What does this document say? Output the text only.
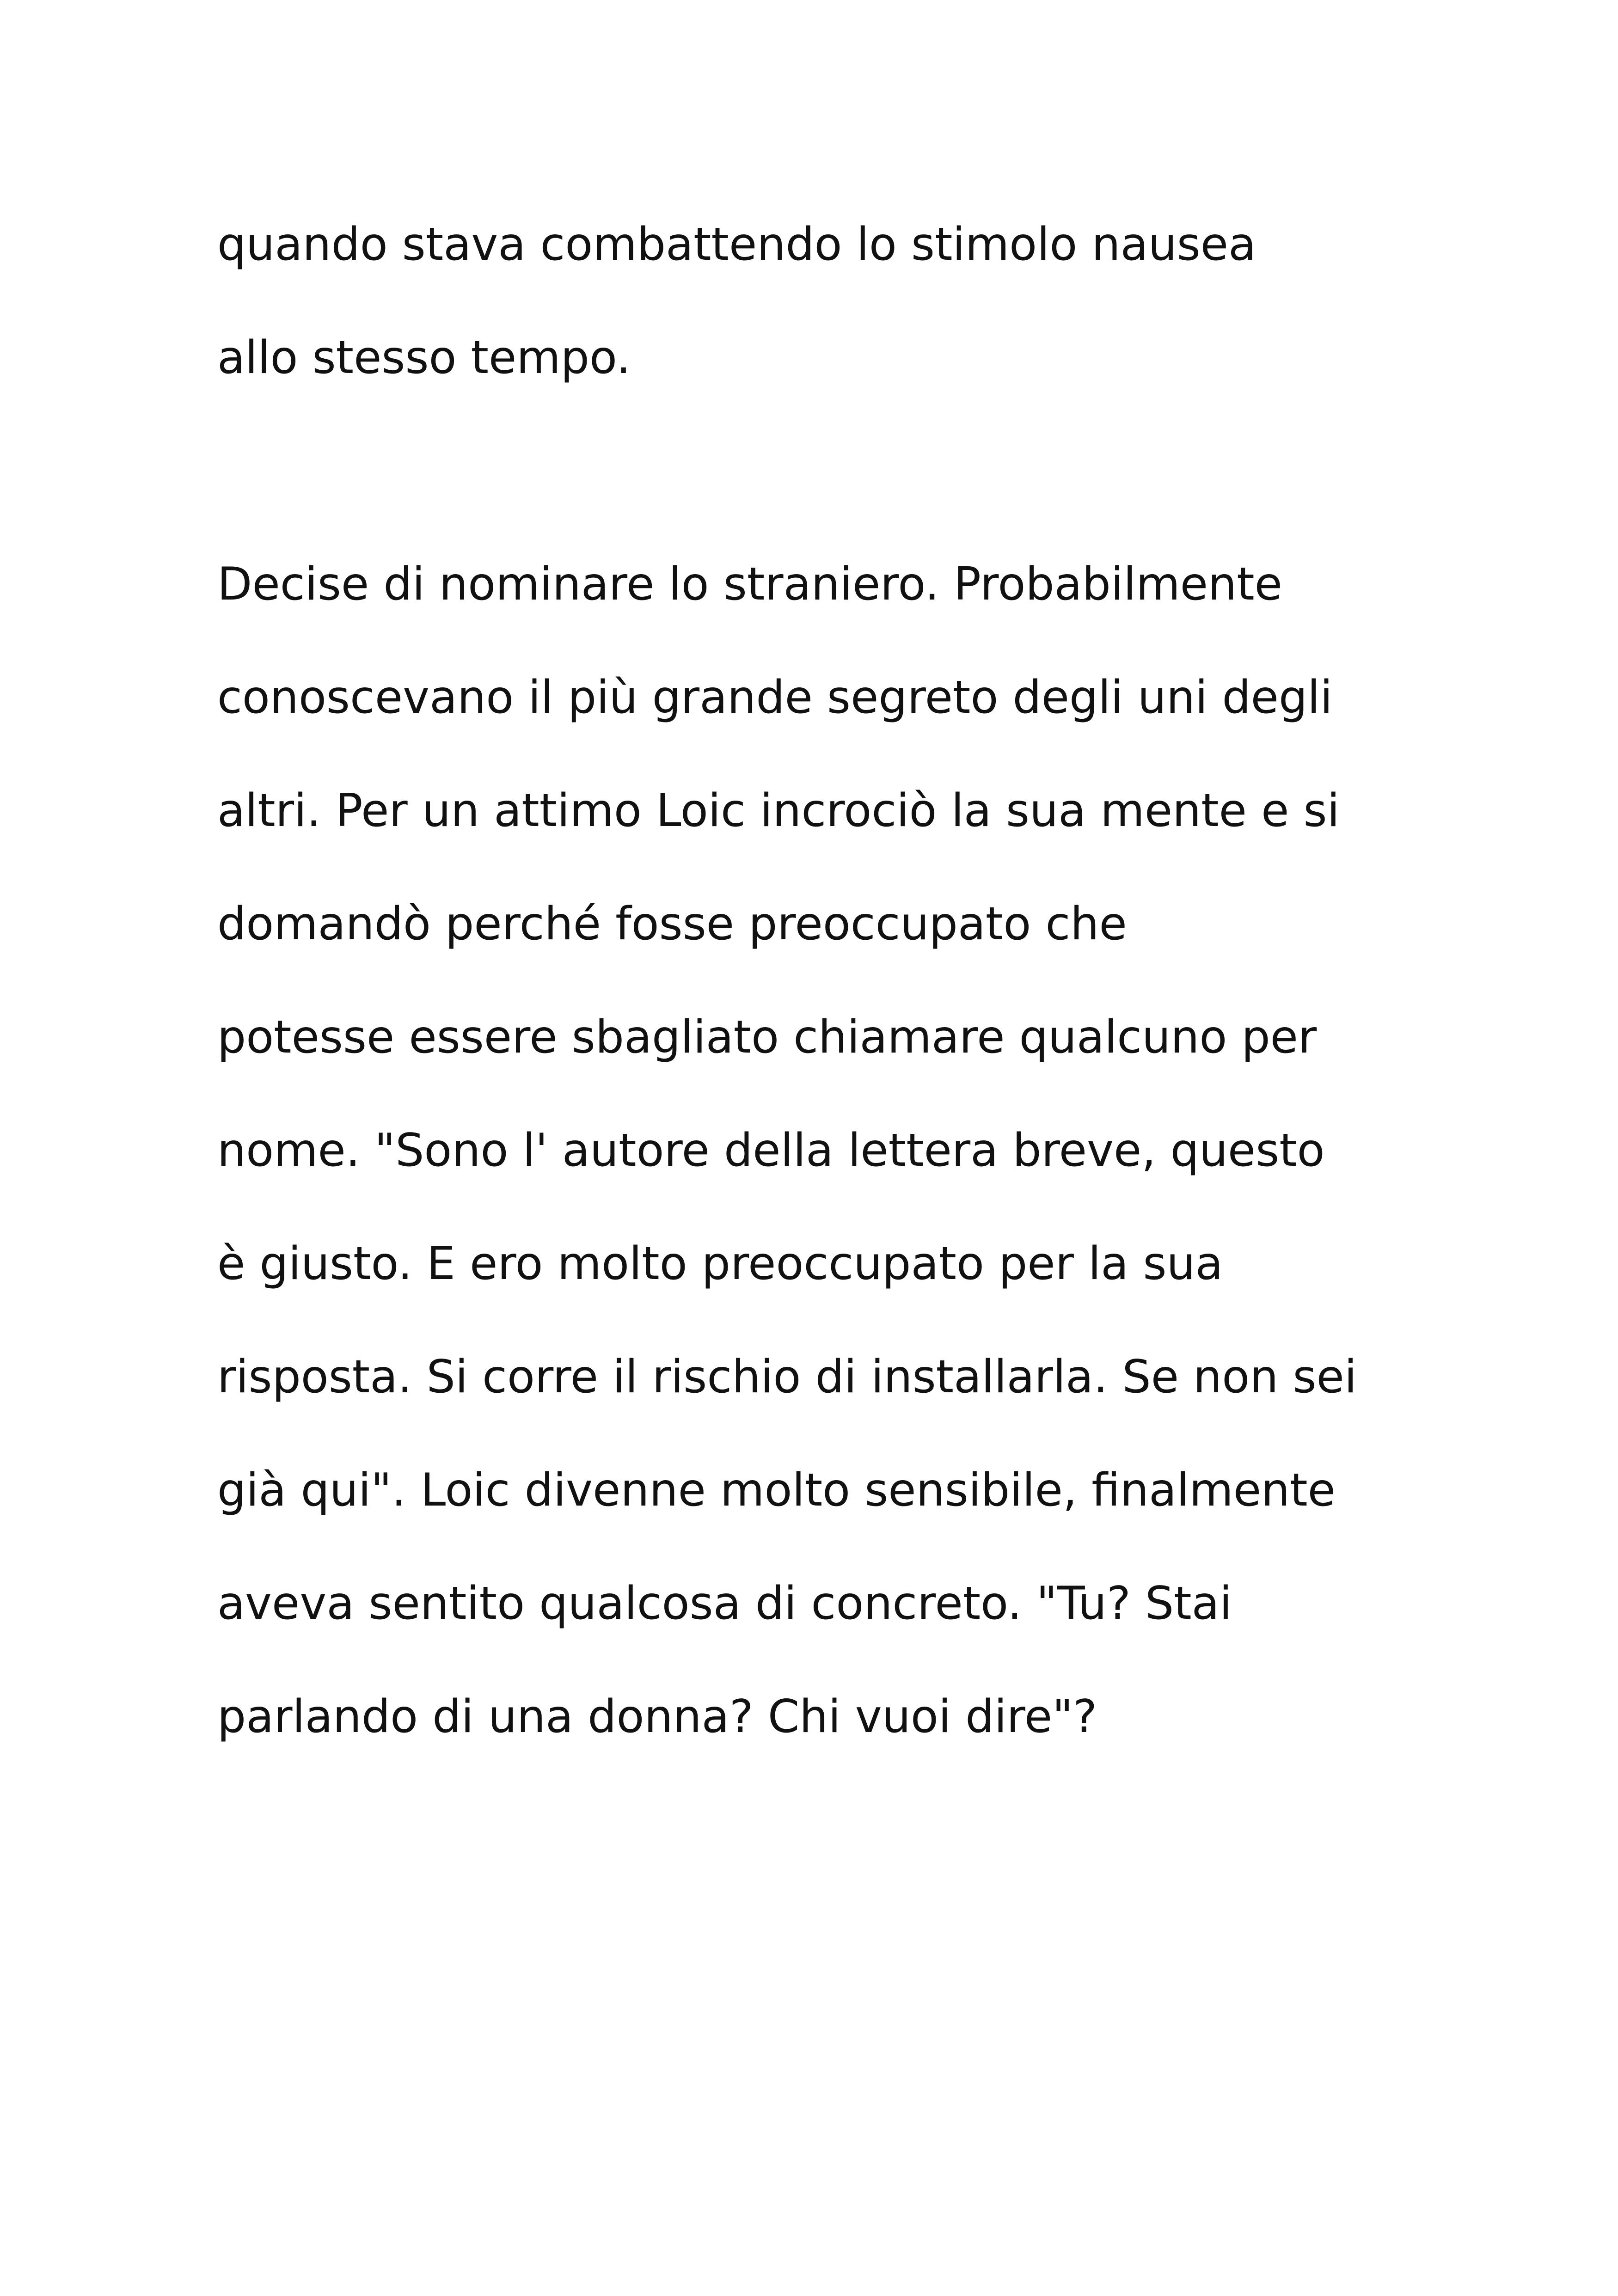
quando stava combattendo lo stimolo nausea

allo stesso tempo.

Decise di nominare lo straniero. Probabilmente

conoscevano il più grande segreto degli uni degli

altri. Per un attimo Loic incrociò la sua mente e si

domandò perché fosse preoccupato che

potesse essere sbagliato chiamare qualcuno per

nome. "Sono l' autore della lettera breve, questo

è giusto. E ero molto preoccupato per la sua

risposta. Si corre il rischio di installarla. Se non sei

già qui". Loic divenne molto sensibile, finalmente

aveva sentito qualcosa di concreto. "Tu? Stai

parlando di una donna? Chi vuoi dire"?
